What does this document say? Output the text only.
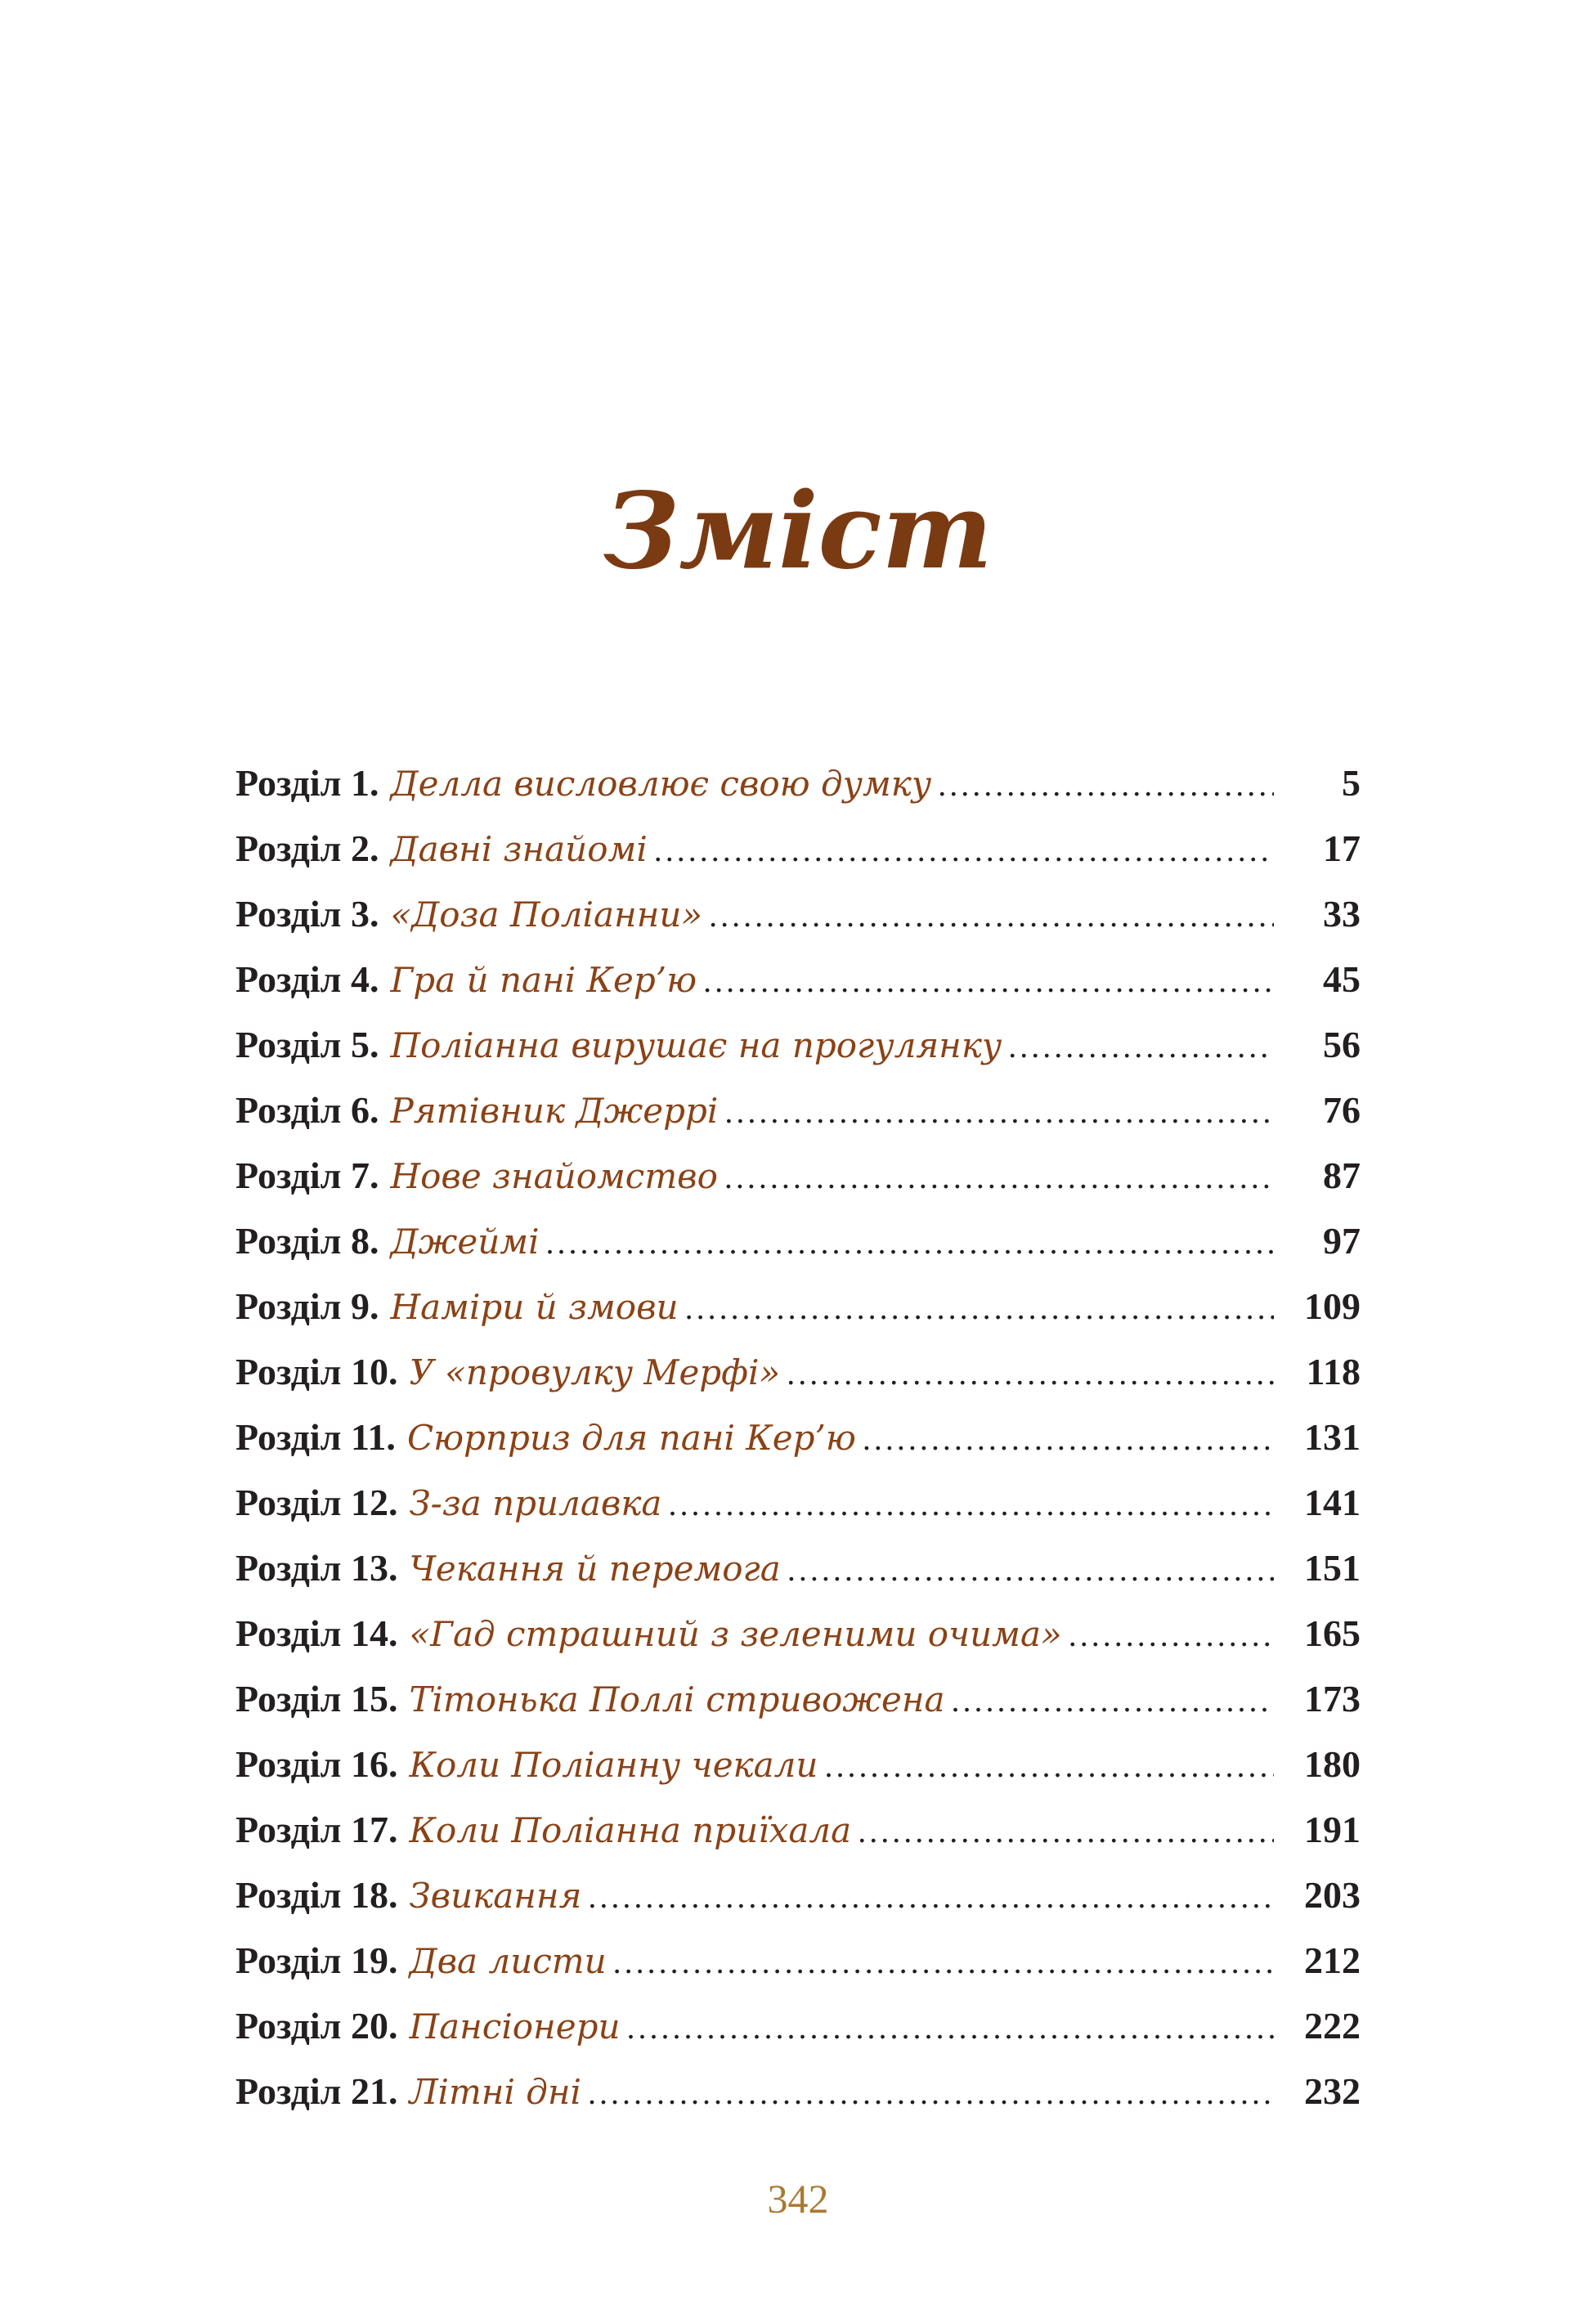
Зміст
Розділ 1. Делла висловлює свою думку .....	5
Розділ 2. Давні знайомі .....	17
Розділ 3. «Доза Поліанни» .....	33
Розділ 4. Гра й пані Кер’ю .....	45
Розділ 5. Поліанна вирушає на прогулянку .....	56
Розділ 6. Рятівник Джеррі .....	76
Розділ 7. Нове знайомство .....	87
Розділ 8. Джеймі .....	97
Розділ 9. Наміри й змови .....	109
Розділ 10. У «провулку Мерфі» .....	118
Розділ 11. Сюрприз для пані Кер’ю .....	131
Розділ 12. З-за прилавка .....	141
Розділ 13. Чекання й перемога .....	151
Розділ 14. «Гад страшний з зеленими очима» .....	165
Розділ 15. Тітонька Поллі стривожена .....	173
Розділ 16. Коли Поліанну чекали .....	180
Розділ 17. Коли Поліанна приїхала .....	191
Розділ 18. Звикання .....	203
Розділ 19. Два листи .....	212
Розділ 20. Пансіонери .....	222
Розділ 21. Літні дні .....	232
342
